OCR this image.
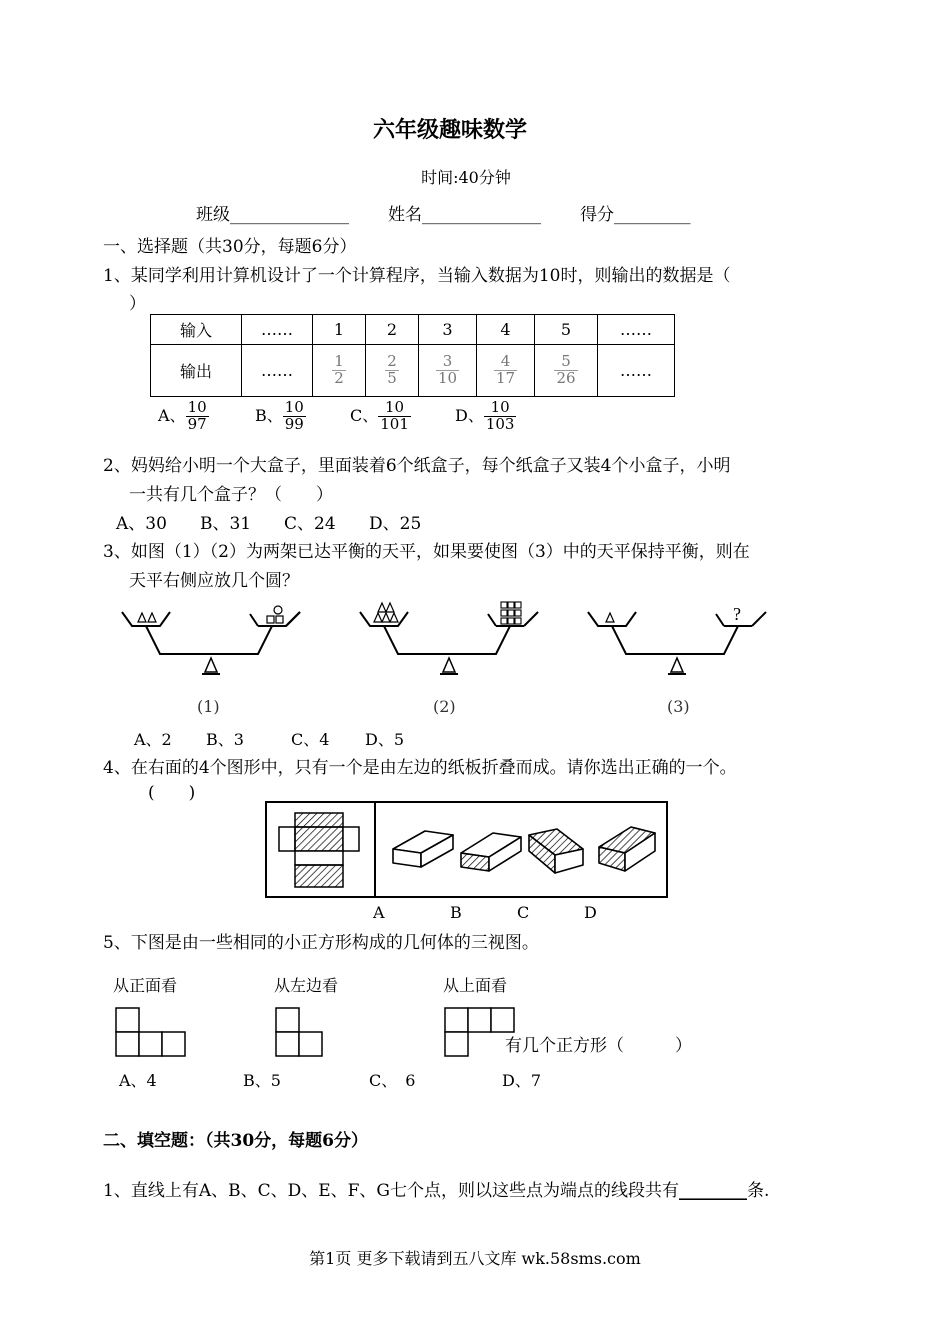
六年级趣味数学
时间:40分钟
班级______________ 姓名______________ 得分_________
一、选择题（共30分，每题6分）
1、某同学利用计算机设计了一个计算程序，当输入数据为10时，则输出的数据是（
）
输入	……	1	2	3	4	5	……
输出	……	$\frac{1}{2}$	$\frac{2}{5}$	$\frac{3}{10}$	$\frac{4}{17}$	$\frac{5}{26}$	……
A、 $\frac{10}{97}$	B、 $\frac{10}{99}$	C、 $\frac{10}{101}$	D、 $\frac{10}{103}$
2、妈妈给小明一个大盒子，里面装着6个纸盒子，每个纸盒子又装4个小盒子，小明
一共有几个盒子？（　　）
A、30 B、31 C、24 D、25
3、如图（1）（2）为两架已达平衡的天平，如果要使图（3）中的天平保持平衡，则在
天平右侧应放几个圆？
?
(1)	(2)	(3)
A、2 B、3	C、4 D、5
4、在右面的4个图形中，只有一个是由左边的纸板折叠而成。请你选出正确的一个。
(　　)
A	B	C	D
5、下图是由一些相同的小正方形构成的几何体的三视图。
从正面看	从左边看	从上面看
有几个正方形（　　　）
A、4	B、5	C、　6	D、7
二、填空题：（共30分，每题6分）
1、直线上有A、B、C、D、E、F、G七个点，则以这些点为端点的线段共有________条.
第1页 更多下载请到五八文库 wk.58sms.com
